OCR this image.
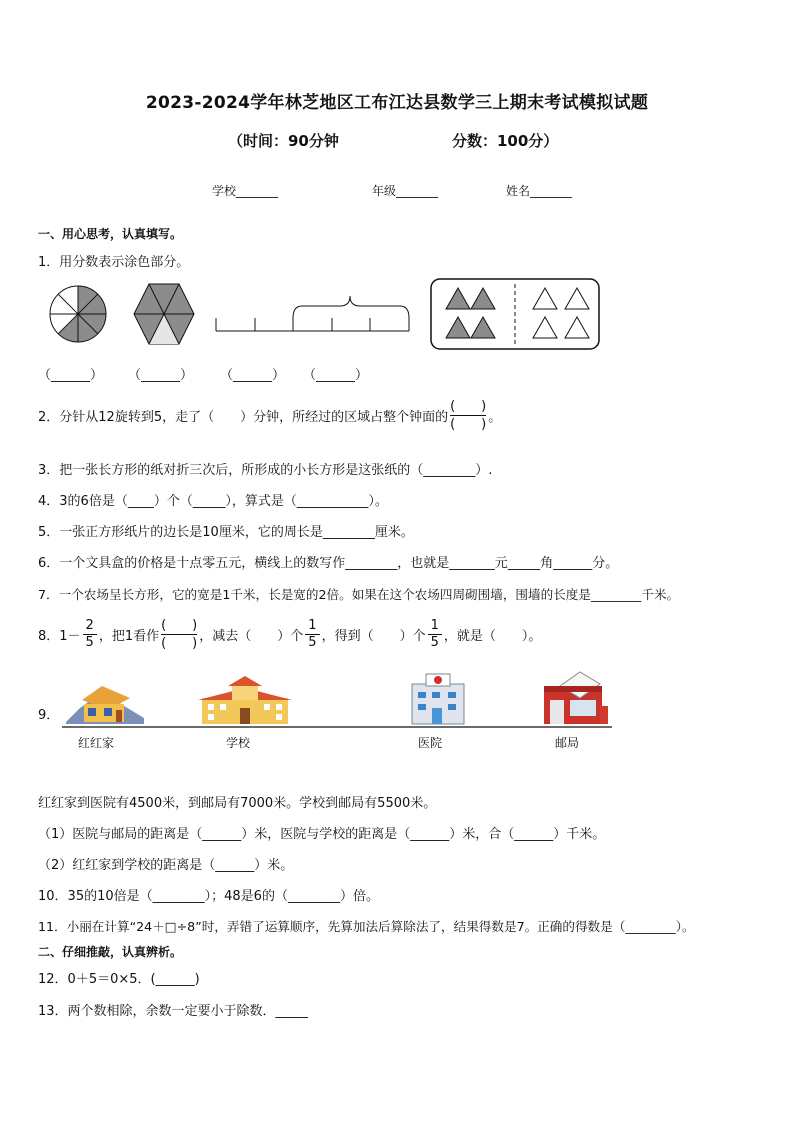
2023-2024学年林芝地区工布江达县数学三上期末考试模拟试题
（时间：90分钟	分数：100分）
学校_______	年级_______	姓名_______
一、用心思考，认真填写。
1．用分数表示涂色部分。
（______） （______） （______） （______）
2．分针从12旋转到5，走了（　　）分钟，所经过的区域占整个钟面的
(　　)
(　　) 。
3．把一张长方形的纸对折三次后，所形成的小长方形是这张纸的（________）.
4．3的6倍是（____）个（_____），算式是（___________）。
5．一张正方形纸片的边长是10厘米，它的周长是________厘米。
6．一个文具盒的价格是十点零五元，横线上的数写作________，也就是_______元_____角______分。
7．一个农场呈长方形，它的宽是1千米，长是宽的2倍。如果在这个农场四周砌围墙，围墙的长度是________千米。
8．$1- \frac{2}{5}$ ，把1看作
(　　)
(　　) ，减去（　　）个 $\frac{1}{5}$ ，得到（　　）个 $\frac{1}{5}$ ，就是（　　）。
9．
红红家	学校	医院	邮局
红红家到医院有4500米，到邮局有7000米。学校到邮局有5500米。
（1）医院与邮局的距离是（______）米，医院与学校的距离是（______）米，合（______）千米。
（2）红红家到学校的距离是（______）米。
10．35的10倍是（________）；48是6的（________）倍。
11．小丽在计算“24＋□÷8”时，弄错了运算顺序，先算加法后算除法了，结果得数是7。正确的得数是（________）。
二、仔细推敲，认真辨析。
12．0＋5＝0×5．(______)
13．两个数相除，余数一定要小于除数．_____
